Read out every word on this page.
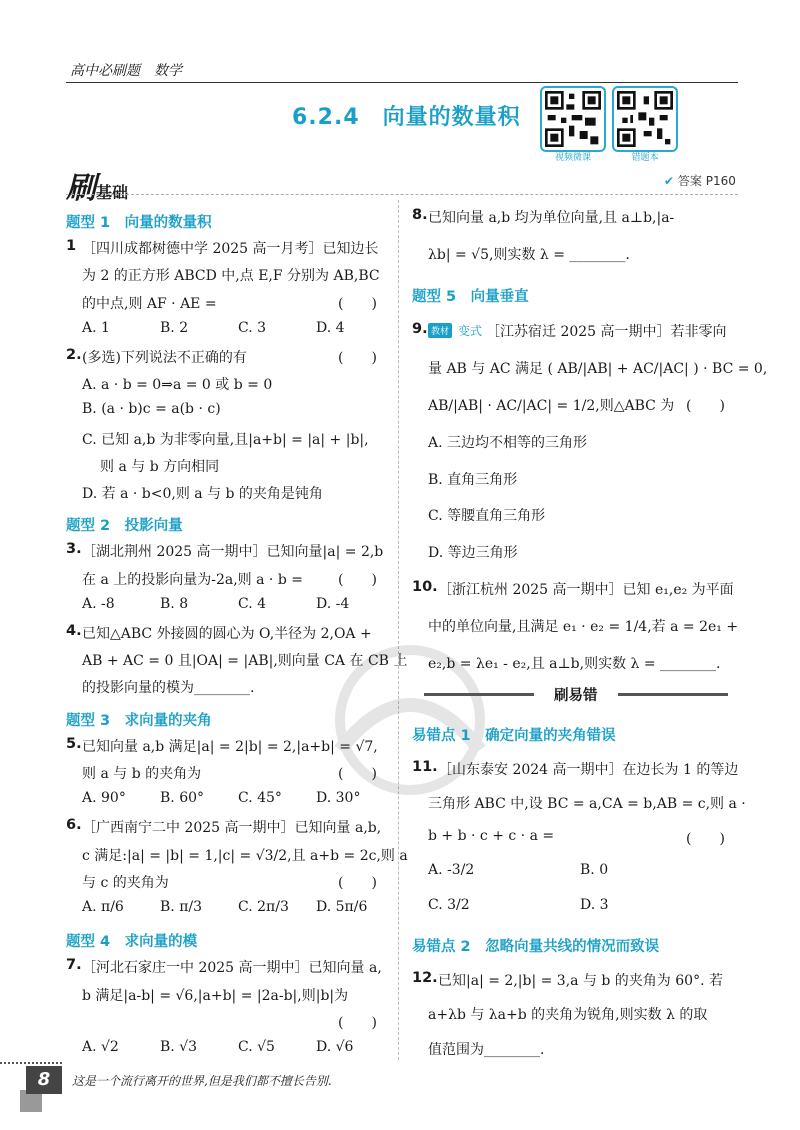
高中必刷题　数学
6.2.4　向量的数量积
视频微课	错题本
刷基础
✔ 答案 P160
题型 1　向量的数量积
1 ［四川成都树德中学 2025 高一月考］已知边长
为 2 的正方形 ABCD 中,点 E,F 分别为 AB,BC
的中点,则 AF · AE =	(　　)
A. 1	B. 2	C. 3	D. 4
2. (多选)下列说法不正确的有	(　　)
A. a · b = 0⇒a = 0 或 b = 0
B. (a · b)c = a(b · c)
C. 已知 a,b 为非零向量,且|a+b| = |a| + |b|,
则 a 与 b 方向相同
D. 若 a · b<0,则 a 与 b 的夹角是钝角
题型 2　投影向量
3. ［湖北荆州 2025 高一期中］已知向量|a| = 2,b
在 a 上的投影向量为-2a,则 a · b =	(　　)
A. -8	B. 8	C. 4	D. -4
4. 已知△ABC 外接圆的圆心为 O,半径为 2,OA +
AB + AC = 0 且|OA| = |AB|,则向量 CA 在 CB 上
的投影向量的模为________.
题型 3　求向量的夹角
5. 已知向量 a,b 满足|a| = 2|b| = 2,|a+b| = √7,
则 a 与 b 的夹角为	(　　)
A. 90° B. 60° C. 45° D. 30°
6. ［广西南宁二中 2025 高一期中］已知向量 a,b,
c 满足:|a| = |b| = 1,|c| = √3/2,且 a+b = 2c,则 a
与 c 的夹角为	(　　)
A. π/6	B. π/3	C. 2π/3 D. 5π/6
题型 4　求向量的模
7. ［河北石家庄一中 2025 高一期中］已知向量 a,
b 满足|a-b| = √6,|a+b| = |2a-b|,则|b|为
(　　)
A. √2	B. √3	C. √5	D. √6
8. 已知向量 a,b 均为单位向量,且 a⊥b,|a-
λb| = √5,则实数 λ = ________.
题型 5　向量垂直
9. 教材 变式 ［江苏宿迁 2025 高一期中］若非零向
量 AB 与 AC 满足 ( AB/|AB| + AC/|AC| ) · BC = 0,
AB/|AB| · AC/|AC| = 1/2,则△ABC 为 (　　)
A. 三边均不相等的三角形
B. 直角三角形
C. 等腰直角三角形
D. 等边三角形
10. ［浙江杭州 2025 高一期中］已知 e₁,e₂ 为平面
中的单位向量,且满足 e₁ · e₂ = 1/4,若 a = 2e₁ +
e₂,b = λe₁ - e₂,且 a⊥b,则实数 λ = ________.
易错点 1　确定向量的夹角错误
11. ［山东泰安 2024 高一期中］在边长为 1 的等边
三角形 ABC 中,设 BC = a,CA = b,AB = c,则 a ·
b + b · c + c · a =	(　　)
A. -3/2	B. 0
C. 3/2	D. 3
易错点 2　忽略向量共线的情况而致误
12. 已知|a| = 2,|b| = 3,a 与 b 的夹角为 60°. 若
a+λb 与 λa+b 的夹角为锐角,则实数 λ 的取
值范围为________.
刷易错
8	这是一个流行离开的世界,但是我们都不擅长告别.
